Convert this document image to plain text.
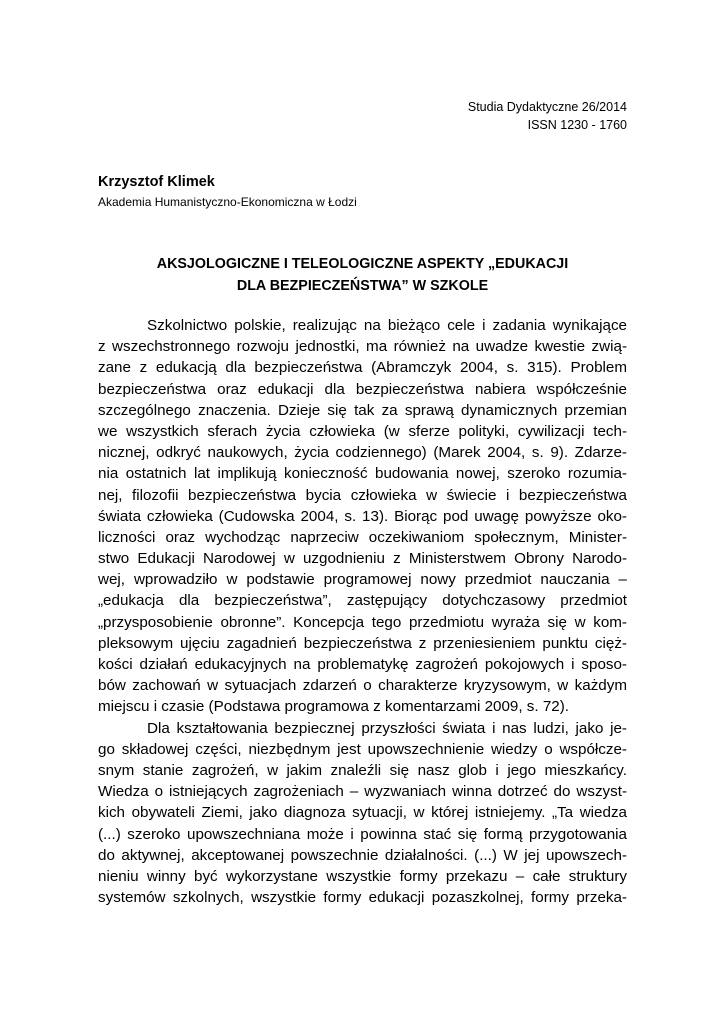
Studia Dydaktyczne 26/2014
ISSN 1230 - 1760
Krzysztof Klimek
Akademia Humanistyczno-Ekonomiczna w Łodzi
AKSJOLOGICZNE I TELEOLOGICZNE ASPEKTY „EDUKACJI
DLA BEZPIECZEŃSTWA” W SZKOLE
Szkolnictwo polskie, realizując na bieżąco cele i zadania wynikające
z wszechstronnego rozwoju jednostki, ma również na uwadze kwestie zwią-
zane z edukacją dla bezpieczeństwa (Abramczyk 2004, s. 315). Problem
bezpieczeństwa oraz edukacji dla bezpieczeństwa nabiera współcześnie
szczególnego znaczenia. Dzieje się tak za sprawą dynamicznych przemian
we wszystkich sferach życia człowieka (w sferze polityki, cywilizacji tech-
nicznej, odkryć naukowych, życia codziennego) (Marek 2004, s. 9). Zdarze-
nia ostatnich lat implikują konieczność budowania nowej, szeroko rozumia-
nej, filozofii bezpieczeństwa bycia człowieka w świecie i bezpieczeństwa
świata człowieka (Cudowska 2004, s. 13). Biorąc pod uwagę powyższe oko-
liczności oraz wychodząc naprzeciw oczekiwaniom społecznym, Minister-
stwo Edukacji Narodowej w uzgodnieniu z Ministerstwem Obrony Narodo-
wej, wprowadziło w podstawie programowej nowy przedmiot nauczania –
„edukacja dla bezpieczeństwa”, zastępujący dotychczasowy przedmiot
„przysposobienie obronne”. Koncepcja tego przedmiotu wyraża się w kom-
pleksowym ujęciu zagadnień bezpieczeństwa z przeniesieniem punktu cięż-
kości działań edukacyjnych na problematykę zagrożeń pokojowych i sposo-
bów zachowań w sytuacjach zdarzeń o charakterze kryzysowym, w każdym
miejscu i czasie (Podstawa programowa z komentarzami 2009, s. 72).
Dla kształtowania bezpiecznej przyszłości świata i nas ludzi, jako je-
go składowej części, niezbędnym jest upowszechnienie wiedzy o współcze-
snym stanie zagrożeń, w jakim znaleźli się nasz glob i jego mieszkańcy.
Wiedza o istniejących zagrożeniach – wyzwaniach winna dotrzeć do wszyst-
kich obywateli Ziemi, jako diagnoza sytuacji, w której istniejemy. „Ta wiedza
(...) szeroko upowszechniana może i powinna stać się formą przygotowania
do aktywnej, akceptowanej powszechnie działalności. (...) W jej upowszech-
nieniu winny być wykorzystane wszystkie formy przekazu – całe struktury
systemów szkolnych, wszystkie formy edukacji pozaszkolnej, formy przeka-
